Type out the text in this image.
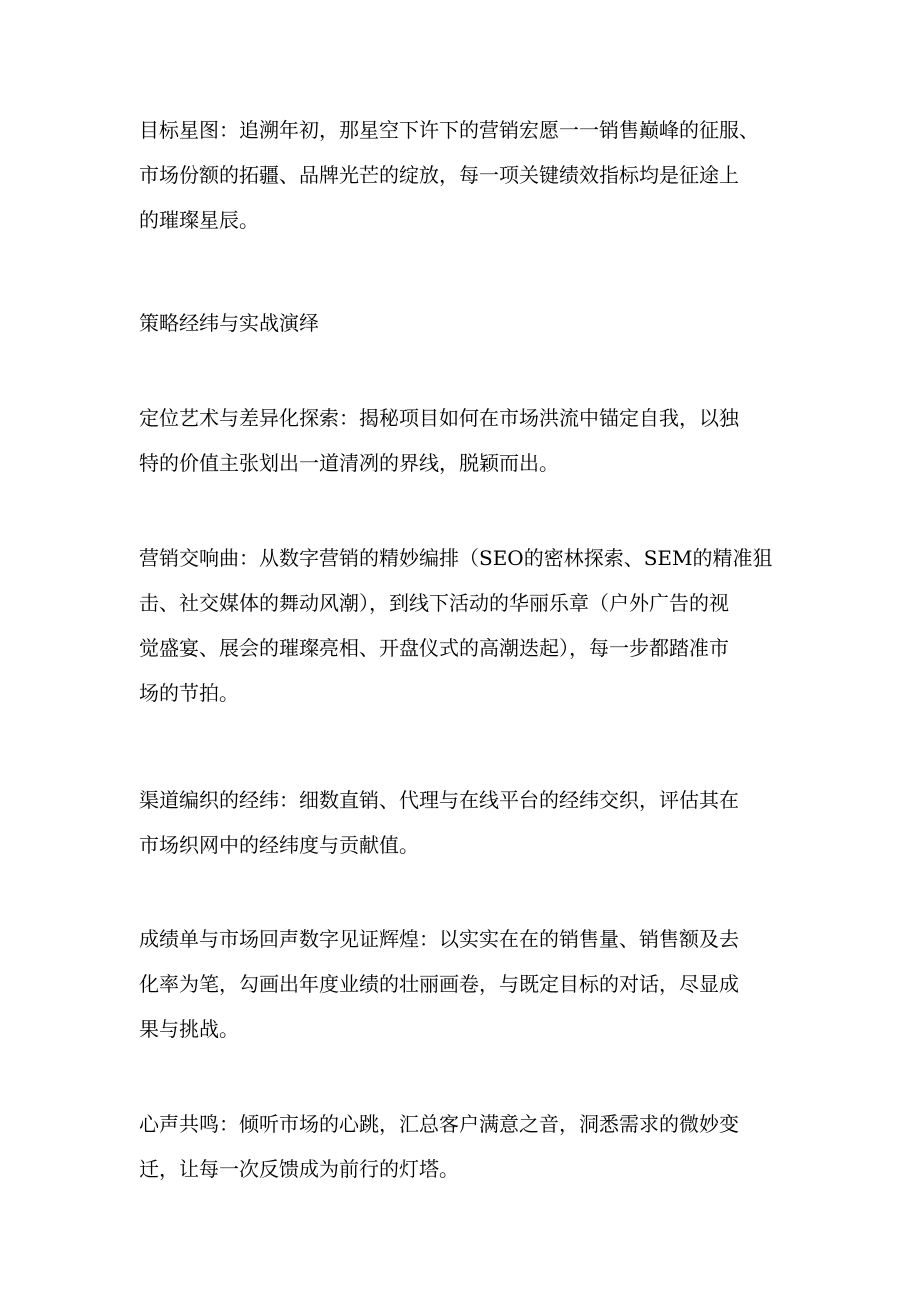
目标星图：追溯年初，那星空下许下的营销宏愿一一销售巅峰的征服、
市场份额的拓疆、品牌光芒的绽放，每一项关键绩效指标均是征途上
的璀璨星辰。
策略经纬与实战演绎
定位艺术与差异化探索：揭秘项目如何在市场洪流中锚定自我，以独
特的价值主张划出一道清冽的界线，脱颖而出。
营销交响曲：从数字营销的精妙编排（SEO的密林探索、SEM的精准狙
击、社交媒体的舞动风潮），到线下活动的华丽乐章（户外广告的视
觉盛宴、展会的璀璨亮相、开盘仪式的高潮迭起），每一步都踏准市
场的节拍。
渠道编织的经纬：细数直销、代理与在线平台的经纬交织，评估其在
市场织网中的经纬度与贡献值。
成绩单与市场回声数字见证辉煌：以实实在在的销售量、销售额及去
化率为笔，勾画出年度业绩的壮丽画卷，与既定目标的对话，尽显成
果与挑战。
心声共鸣：倾听市场的心跳，汇总客户满意之音，洞悉需求的微妙变
迁，让每一次反馈成为前行的灯塔。
